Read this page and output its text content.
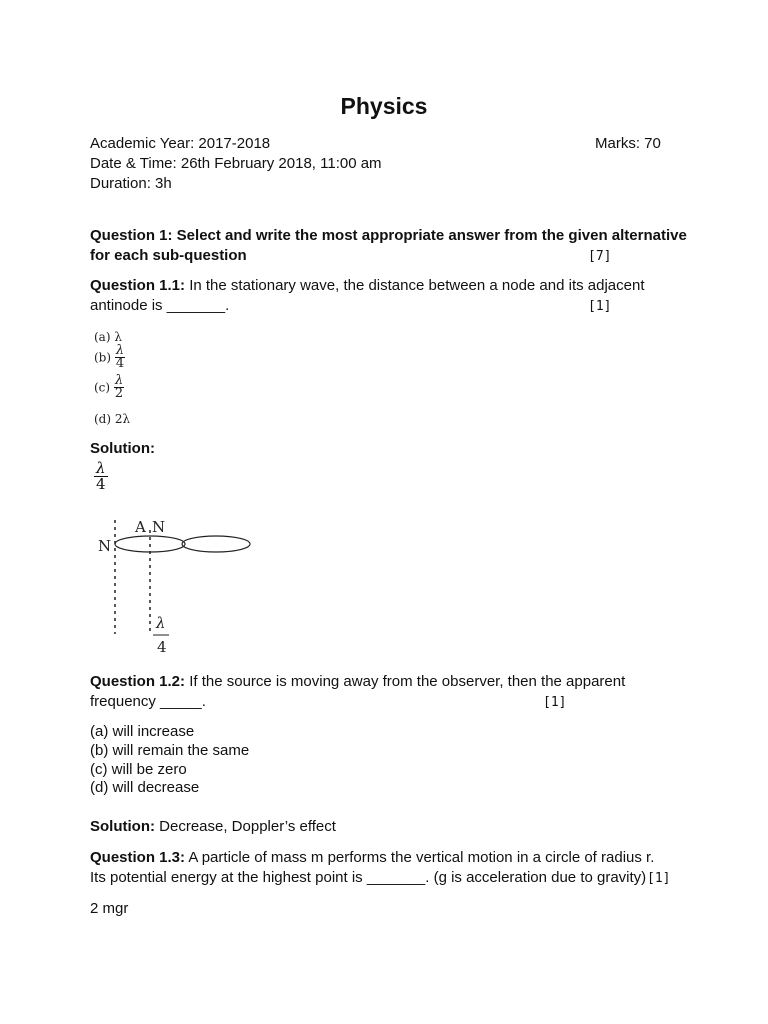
Physics
Academic Year: 2017-2018	Marks: 70
Date & Time: 26th February 2018, 11:00 am
Duration: 3h
Question 1: Select and write the most appropriate answer from the given alternative
for each sub-question	[7]
Question 1.1: In the stationary wave, the distance between a node and its adjacent
antinode is _______.	[1]
(a) λ
$(b) \frac{\lambda}{4}$
$(c) \frac{\lambda}{2}$
(d) 2λ
Solution:
$\frac{\lambda}{4}$
N
A N
λ
4
Question 1.2: If the source is moving away from the observer, then the apparent
frequency _____.	[1]
(a) will increase
(b) will remain the same
(c) will be zero
(d) will decrease
Solution: Decrease, Doppler’s effect
Question 1.3: A particle of mass m performs the vertical motion in a circle of radius r.
Its potential energy at the highest point is _______. (g is acceleration due to gravity) [1]
2 mgr
